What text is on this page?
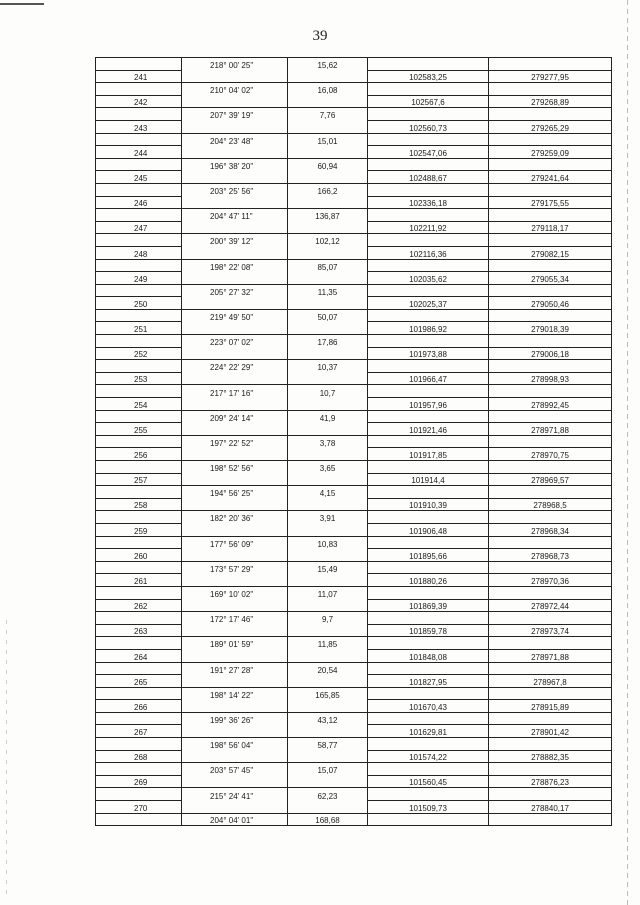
39
	218° 00' 25"	15,62		
241			102583,25	279277,95
	210° 04' 02"	16,08		
242			102567,6	279268,89
	207° 39' 19"	7,76		
243			102560,73	279265,29
	204° 23' 48"	15,01		
244			102547,06	279259,09
	196° 38' 20"	60,94		
245			102488,67	279241,64
	203° 25' 56"	166,2		
246			102336,18	279175,55
	204° 47' 11"	136,87		
247			102211,92	279118,17
	200° 39' 12"	102,12		
248			102116,36	279082,15
	198° 22' 08"	85,07		
249			102035,62	279055,34
	205° 27' 32"	11,35		
250			102025,37	279050,46
	219° 49' 50"	50,07		
251			101986,92	279018,39
	223° 07' 02"	17,86		
252			101973,88	279006,18
	224° 22' 29"	10,37		
253			101966,47	278998,93
	217° 17' 16"	10,7		
254			101957,96	278992,45
	209° 24' 14"	41,9		
255			101921,46	278971,88
	197° 22' 52"	3,78		
256			101917,85	278970,75
	198° 52' 56"	3,65		
257			101914,4	278969,57
	194° 56' 25"	4,15		
258			101910,39	278968,5
	182° 20' 36"	3,91		
259			101906,48	278968,34
	177° 56' 09"	10,83		
260			101895,66	278968,73
	173° 57' 29"	15,49		
261			101880,26	278970,36
	169° 10' 02"	11,07		
262			101869,39	278972,44
	172° 17' 46"	9,7		
263			101859,78	278973,74
	189° 01' 59"	11,85		
264			101848,08	278971,88
	191° 27' 28"	20,54		
265			101827,95	278967,8
	198° 14' 22"	165,85		
266			101670,43	278915,89
	199° 36' 26"	43,12		
267			101629,81	278901,42
	198° 56' 04"	58,77		
268			101574,22	278882,35
	203° 57' 45"	15,07		
269			101560,45	278876,23
	215° 24' 41"	62,23		
270			101509,73	278840,17
	204° 04' 01"	168,68		
